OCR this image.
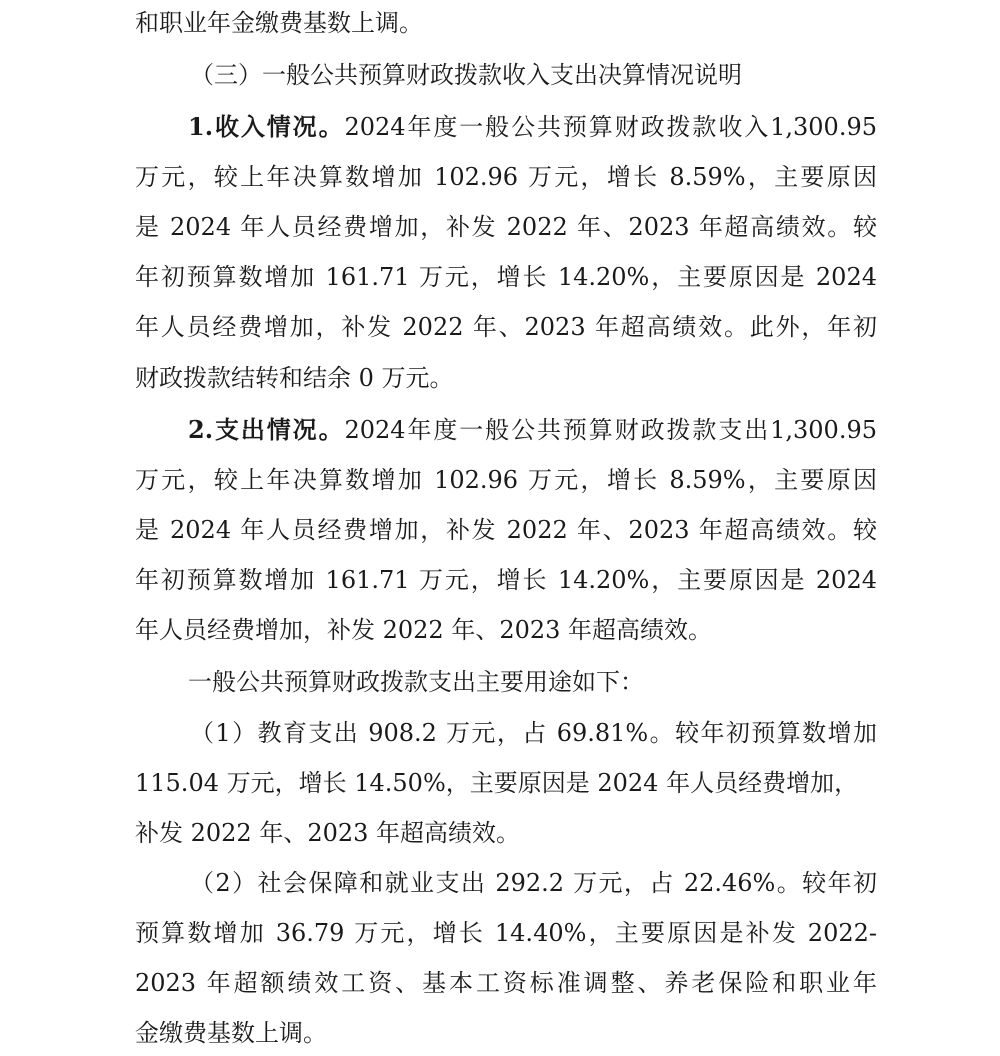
和职业年金缴费基数上调。
（三）一般公共预算财政拨款收入支出决算情况说明
1.收入情况。2024年度一般公共预算财政拨款收入1,300.95
万元，较上年决算数增加 102.96 万元，增长 8.59%，主要原因
是 2024 年人员经费增加，补发 2022 年、2023 年超高绩效。较
年初预算数增加 161.71 万元，增长 14.20%，主要原因是 2024
年人员经费增加，补发 2022 年、2023 年超高绩效。此外，年初
财政拨款结转和结余 0 万元。
2.支出情况。2024年度一般公共预算财政拨款支出1,300.95
万元，较上年决算数增加 102.96 万元，增长 8.59%，主要原因
是 2024 年人员经费增加，补发 2022 年、2023 年超高绩效。较
年初预算数增加 161.71 万元，增长 14.20%，主要原因是 2024
年人员经费增加，补发 2022 年、2023 年超高绩效。
一般公共预算财政拨款支出主要用途如下：
（1）教育支出 908.2 万元，占 69.81%。较年初预算数增加
115.04 万元，增长 14.50%，主要原因是 2024 年人员经费增加，
补发 2022 年、2023 年超高绩效。
（2）社会保障和就业支出 292.2 万元，占 22.46%。较年初
预算数增加 36.79 万元，增长 14.40%，主要原因是补发 2022-
2023 年超额绩效工资、基本工资标准调整、养老保险和职业年
金缴费基数上调。
